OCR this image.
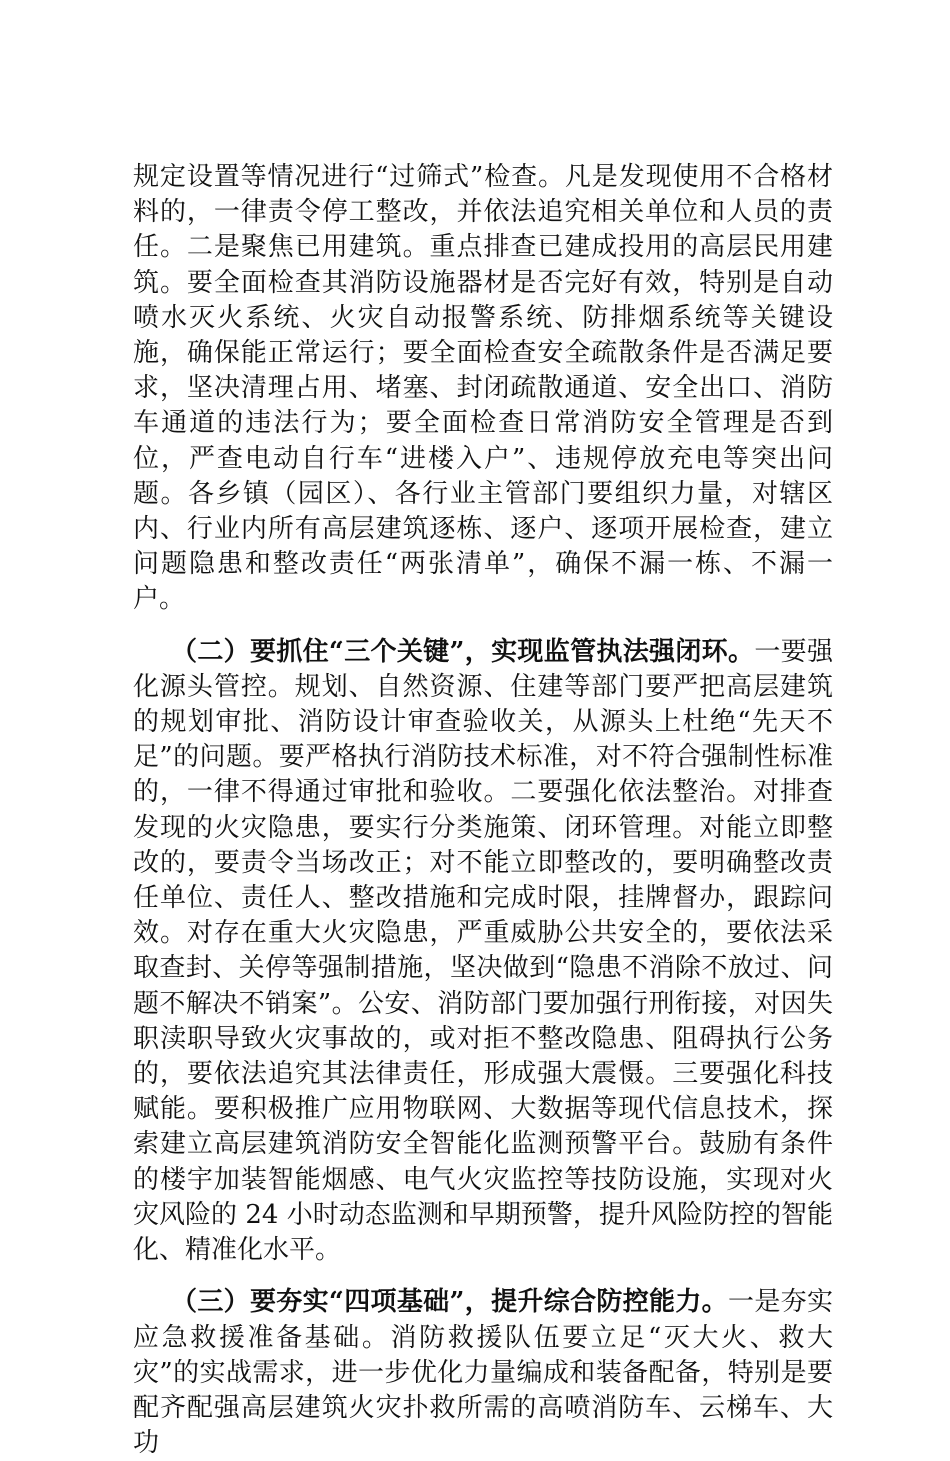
规定设置等情况进行“过筛式”检查。凡是发现使用不合格材料的，一律责令停工整改，并依法追究相关单位和人员的责任。二是聚焦已用建筑。重点排查已建成投用的高层民用建筑。要全面检查其消防设施器材是否完好有效，特别是自动喷水灭火系统、火灾自动报警系统、防排烟系统等关键设施，确保能正常运行；要全面检查安全疏散条件是否满足要求，坚决清理占用、堵塞、封闭疏散通道、安全出口、消防车通道的违法行为；要全面检查日常消防安全管理是否到位，严查电动自行车“进楼入户”、违规停放充电等突出问题。各乡镇（园区）、各行业主管部门要组织力量，对辖区内、行业内所有高层建筑逐栋、逐户、逐项开展检查，建立问题隐患和整改责任“两张清单”，确保不漏一栋、不漏一户。

（二）要抓住“三个关键”，实现监管执法强闭环。一要强化源头管控。规划、自然资源、住建等部门要严把高层建筑的规划审批、消防设计审查验收关，从源头上杜绝“先天不足”的问题。要严格执行消防技术标准，对不符合强制性标准的，一律不得通过审批和验收。二要强化依法整治。对排查发现的火灾隐患，要实行分类施策、闭环管理。对能立即整改的，要责令当场改正；对不能立即整改的，要明确整改责任单位、责任人、整改措施和完成时限，挂牌督办，跟踪问效。对存在重大火灾隐患，严重威胁公共安全的，要依法采取查封、关停等强制措施，坚决做到“隐患不消除不放过、问题不解决不销案”。公安、消防部门要加强行刑衔接，对因失职渎职导致火灾事故的，或对拒不整改隐患、阻碍执行公务的，要依法追究其法律责任，形成强大震慑。三要强化科技赋能。要积极推广应用物联网、大数据等现代信息技术，探索建立高层建筑消防安全智能化监测预警平台。鼓励有条件的楼宇加装智能烟感、电气火灾监控等技防设施，实现对火灾风险的 24 小时动态监测和早期预警，提升风险防控的智能化、精准化水平。

（三）要夯实“四项基础”，提升综合防控能力。一是夯实应急救援准备基础。消防救援队伍要立足“灭大火、救大灾”的实战需求，进一步优化力量编成和装备配备，特别是要配齐配强高层建筑火灾扑救所需的高喷消防车、云梯车、大功
